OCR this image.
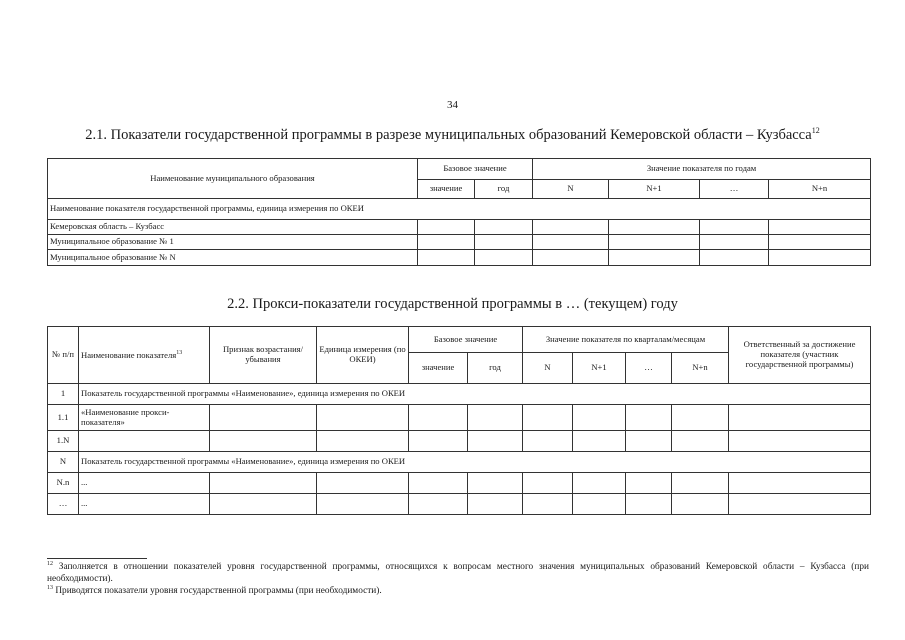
34
2.1. Показатели государственной программы в разрезе муниципальных образований Кемеровской области – Кузбасса$^{12}$
Наименование муниципального образования	Базовое значение		Значение показателя по годам			
	значение	год	N	N+1	…	N+n
Наименование показателя государственной программы, единица измерения по ОКЕИ						
Кемеровская область – Кузбасс						
Муниципальное образование № 1						
Муниципальное образование № N						
2.2. Прокси-показатели государственной программы в … (текущем) году
№ п/п	Наименование показателя$^{13}$	Признак возрастания/ убывания	Единица измерения (по ОКЕИ)	Базовое значение		Значение показателя по кварталам/месяцам				Ответственный за достижение показателя (участник государственной программы)
				значение	год	N	N+1	…	N+n	
1	Показатель государственной программы «Наименование», единица измерения по ОКЕИ									
1.1	«Наименование прокси-показателя»									
1.N										
N	Показатель государственной программы «Наименование», единица измерения по ОКЕИ									
N.n	...									
…	...									

$^{12}$ Заполняется в отношении показателей уровня государственной программы, относящихся к вопросам местного значения муниципальных образований Кемеровской области – Кузбасса (при необходимости).

$^{13}$ Приводятся показатели уровня государственной программы (при необходимости).
